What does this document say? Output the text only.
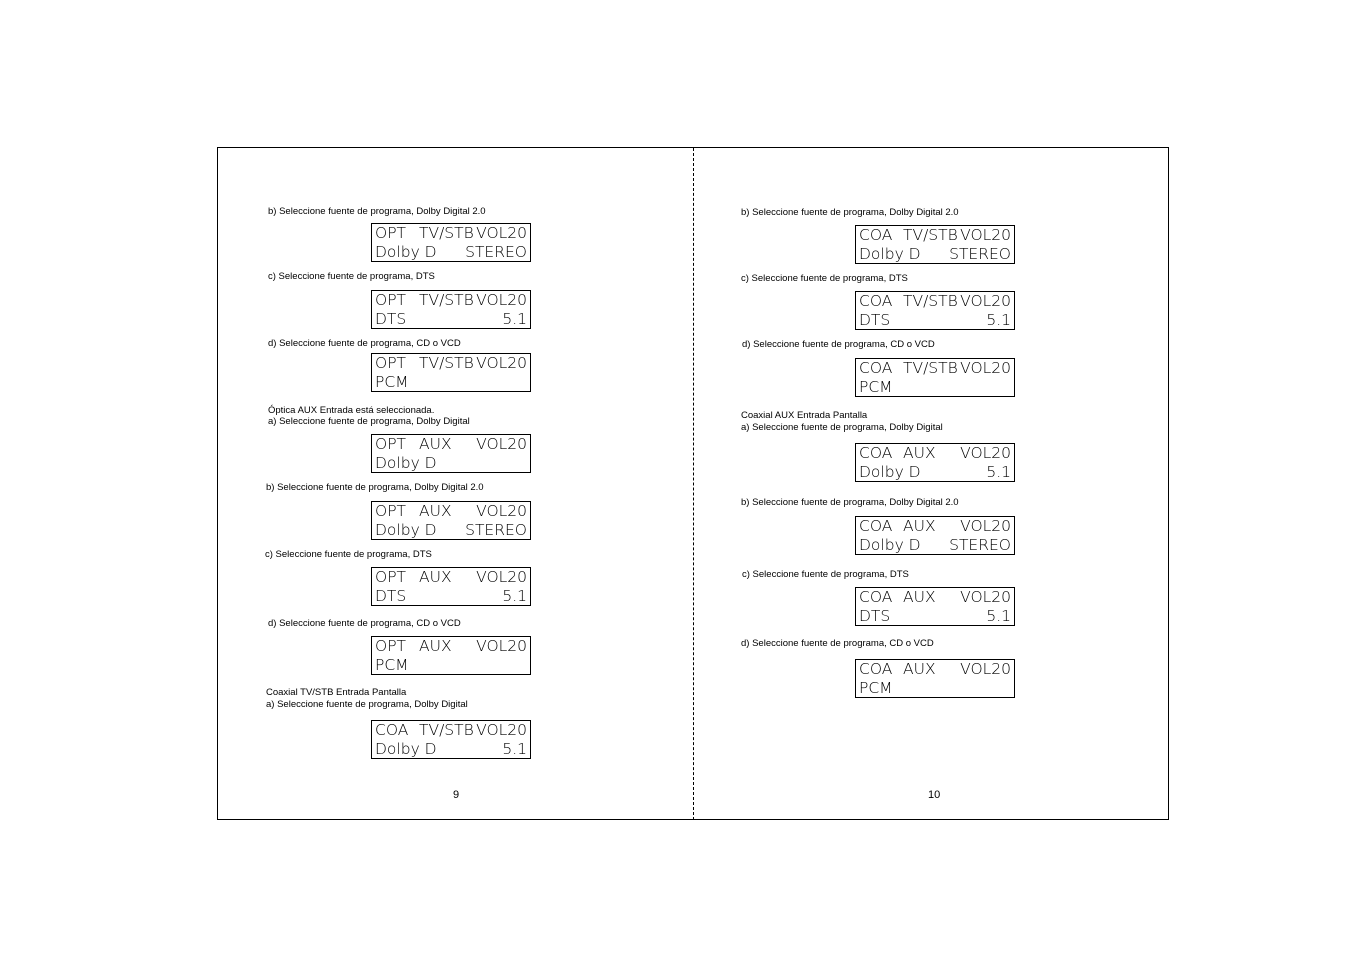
b) Seleccione fuente de programa, Dolby Digital 2.0
OPT TV/STB VOL20
Dolby D STEREO
c) Seleccione fuente de programa, DTS
OPT TV/STB VOL20
DTS	5.1
d) Seleccione fuente de programa, CD o VCD
OPT TV/STB VOL20
PCM
Óptica AUX Entrada está seleccionada.
a) Seleccione fuente de programa, Dolby Digital
OPT AUX VOL20
Dolby D
b) Seleccione fuente de programa, Dolby Digital 2.0
OPT AUX VOL20
Dolby D STEREO
c) Seleccione fuente de programa, DTS
OPT AUX VOL20
DTS	5.1
d) Seleccione fuente de programa, CD o VCD
OPT AUX VOL20
PCM
Coaxial TV/STB Entrada Pantalla
a) Seleccione fuente de programa, Dolby Digital
COA TV/STB VOL20
Dolby D	5.1
b) Seleccione fuente de programa, Dolby Digital 2.0
COA TV/STB VOL20
Dolby D STEREO
c) Seleccione fuente de programa, DTS
COA TV/STB VOL20
DTS	5.1
d) Seleccione fuente de programa, CD o VCD
COA TV/STB VOL20
PCM
Coaxial AUX Entrada Pantalla
a) Seleccione fuente de programa, Dolby Digital
COA AUX VOL20
Dolby D	5.1
b) Seleccione fuente de programa, Dolby Digital 2.0
COA AUX VOL20
Dolby D STEREO
c) Seleccione fuente de programa, DTS
COA AUX VOL20
DTS	5.1
d) Seleccione fuente de programa, CD o VCD
COA AUX VOL20
PCM
9	10
